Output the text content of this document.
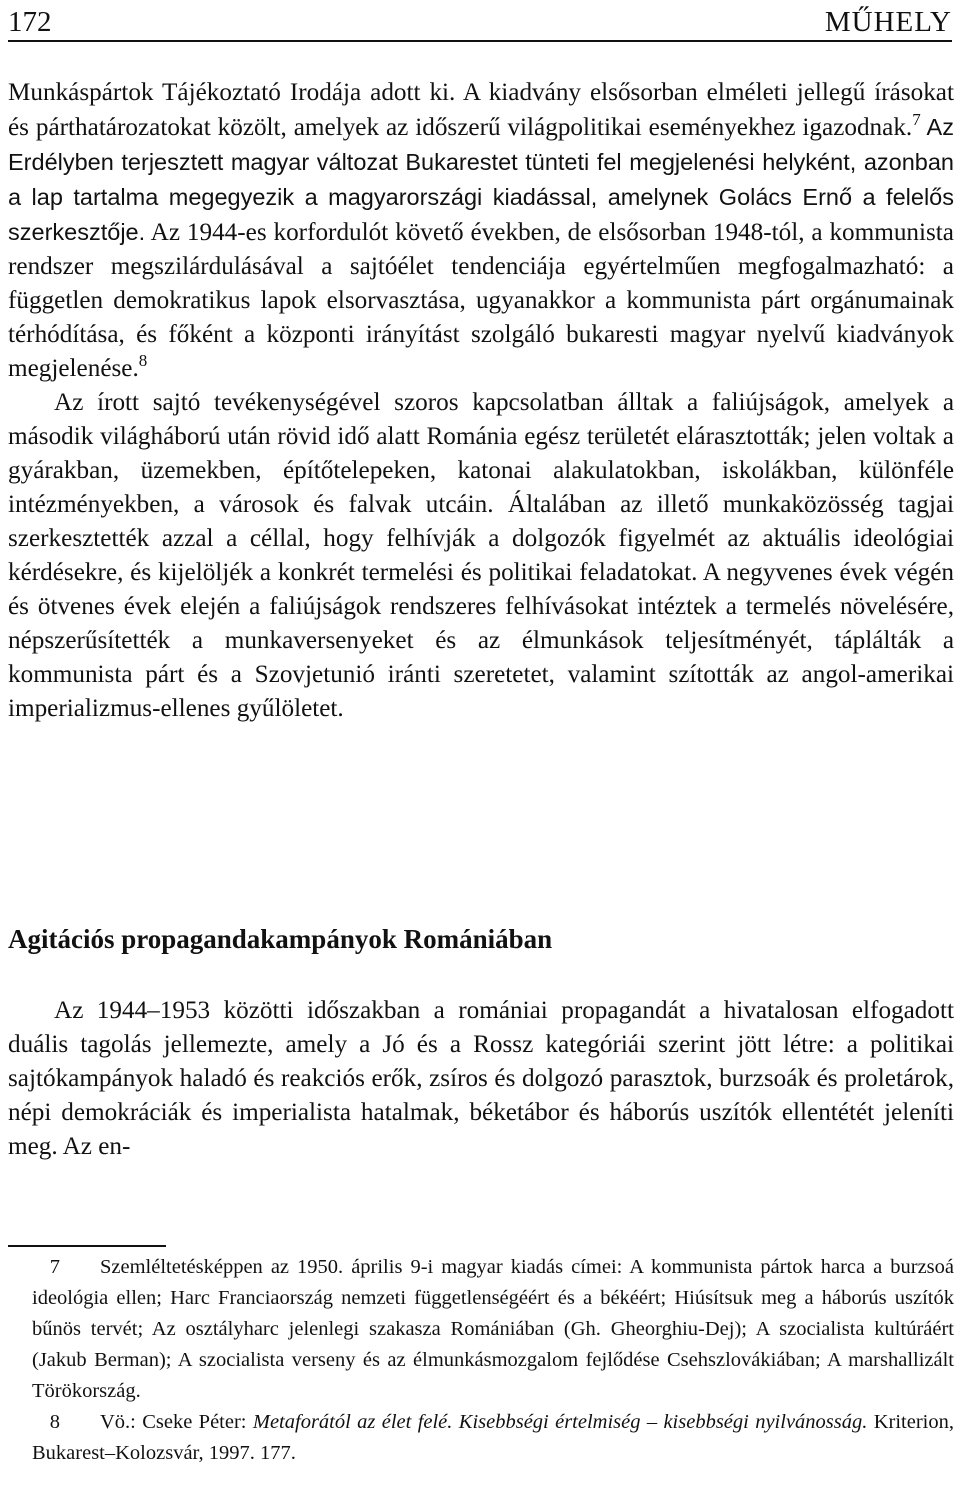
172	MŰHELY

Munkáspártok Tájékoztató Irodája adott ki. A kiadvány elsősorban elméleti jellegű írásokat és párthatározatokat közölt, amelyek az időszerű világpolitikai eseményekhez igazodnak.$^7$ Az Erdélyben terjesztett magyar változat Bukarestet tünteti fel megjelenési helyként, azonban a lap tartalma megegyezik a magyarországi kiadással, amelynek Golács Ernő a felelős szerkesztője. Az 1944-es korfordulót követő években, de elsősorban 1948-tól, a kommunista rendszer megszilárdulásával a sajtóélet tendenciája egyértelműen megfogalmazható: a független demokratikus lapok elsorvasztása, ugyanakkor a kommunista párt orgánumainak térhódítása, és főként a központi irányítást szolgáló bukaresti magyar nyelvű kiadványok megjelenése.$^8$

Az írott sajtó tevékenységével szoros kapcsolatban álltak a faliújságok, amelyek a második világháború után rövid idő alatt Románia egész területét elárasztották; jelen voltak a gyárakban, üzemekben, építőtelepeken, katonai alakulatokban, iskolákban, különféle intézményekben, a városok és falvak utcáin. Általában az illető munkaközösség tagjai szerkesztették azzal a céllal, hogy felhívják a dolgozók figyelmét az aktuális ideológiai kérdésekre, és kijelöljék a konkrét termelési és politikai feladatokat. A negyvenes évek végén és ötvenes évek elején a faliújságok rendszeres felhívásokat intéztek a termelés növelésére, népszerűsítették a munkaversenyeket és az élmunkások teljesítményét, táplálták a kommunista párt és a Szovjetunió iránti szeretetet, valamint szították az angol-amerikai imperializmus-ellenes gyűlöletet.

Agitációs propagandakampányok Romániában

Az 1944–1953 közötti időszakban a romániai propagandát a hivatalosan elfogadott duális tagolás jellemezte, amely a Jó és a Rossz kategóriái szerint jött létre: a politikai sajtókampányok haladó és reakciós erők, zsíros és dolgozó parasztok, burzsoák és proletárok, népi demokráciák és imperialista hatalmak, béketábor és háborús uszítók ellentétét jeleníti meg. Az en-

7 Szemléltetésképpen az 1950. április 9-i magyar kiadás címei: A kommunista pártok harca a burzsoá ideológia ellen; Harc Franciaország nemzeti függetlenségéért és a békéért; Hiúsítsuk meg a háborús uszítók bűnös tervét; Az osztályharc jelenlegi szakasza Romániában (Gh. Gheorghiu-Dej); A szocialista kultúráért (Jakub Berman); A szocialista verseny és az élmunkásmozgalom fejlődése Csehszlovákiában; A marshallizált Törökország.

8 Vö.: Cseke Péter: Metaforától az élet felé. Kisebbségi értelmiség – kisebbségi nyilvánosság. Kriterion, Bukarest–Kolozsvár, 1997. 177.
